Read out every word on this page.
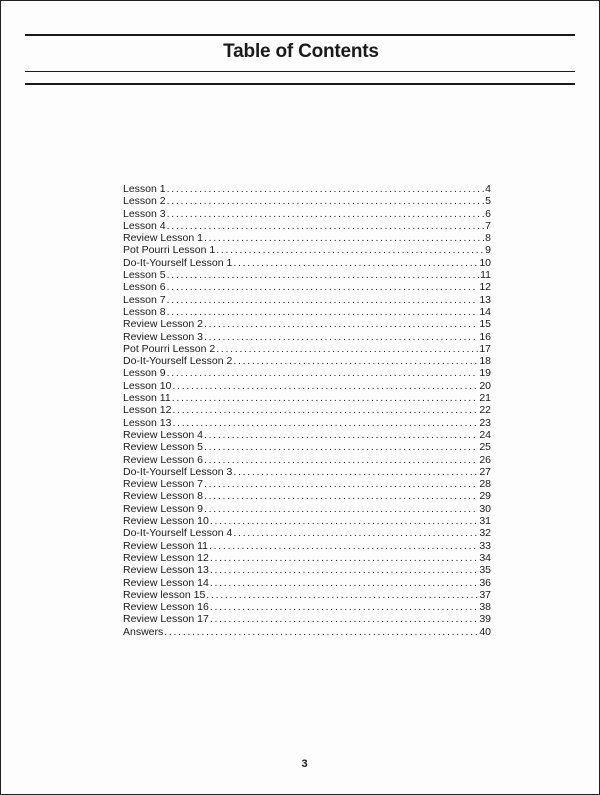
Table of Contents
Lesson 1 . . .	4
Lesson 2 . . .	5
Lesson 3 . . .	6
Lesson 4 . . .	7
Review Lesson 1 . . .	8
Pot Pourri Lesson 1 . . .	9
Do-It-Yourself Lesson 1 . . .	10
Lesson 5 . . .	11
Lesson 6 . . .	12
Lesson 7 . . .	13
Lesson 8 . . .	14
Review Lesson 2 . . .	15
Review Lesson 3 . . .	16
Pot Pourri Lesson 2 . . .	17
Do-It-Yourself Lesson 2 . . .	18
Lesson 9 . . .	19
Lesson 10 . . .	20
Lesson 11 . . .	21
Lesson 12 . . .	22
Lesson 13 . . .	23
Review Lesson 4 . . .	24
Review Lesson 5 . . .	25
Review Lesson 6 . . .	26
Do-It-Yourself Lesson 3 . . .	27
Review Lesson 7 . . .	28
Review Lesson 8 . . .	29
Review Lesson 9 . . .	30
Review Lesson 10 . . .	31
Do-It-Yourself Lesson 4 . . .	32
Review Lesson 11 . . .	33
Review Lesson 12 . . .	34
Review Lesson 13 . . .	35
Review Lesson 14 . . .	36
Review lesson 15 . . .	37
Review Lesson 16 . . .	38
Review Lesson 17 . . .	39
Answers . . .	40
3
